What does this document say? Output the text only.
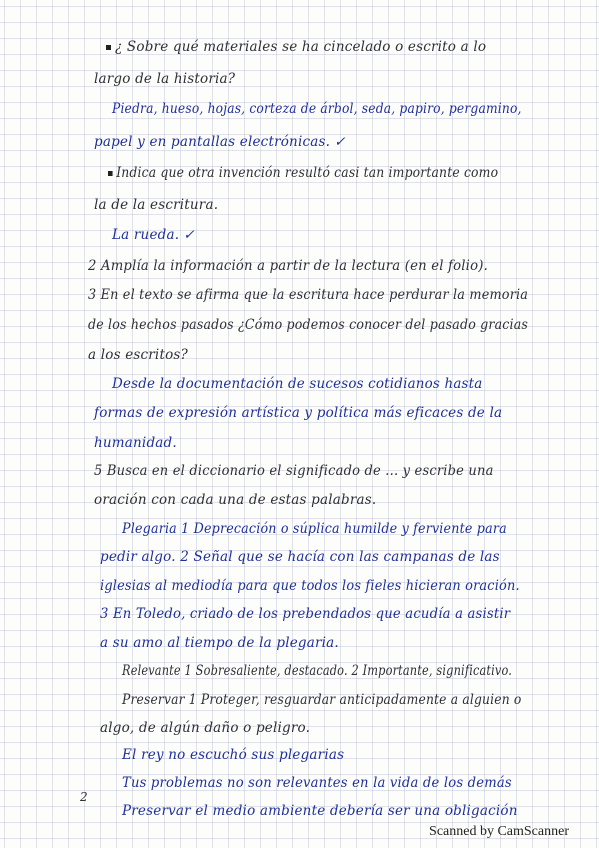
¿ Sobre qué materiales se ha cincelado o escrito a lo
largo de la historia?
Piedra, hueso, hojas, corteza de árbol, seda, papiro, pergamino,
papel y en pantallas electrónicas. ✓
Indica que otra invención resultó casi tan importante como
la de la escritura.
La rueda. ✓
2 Amplía la información a partir de la lectura (en el folio).
3 En el texto se afirma que la escritura hace perdurar la memoria
de los hechos pasados ¿Cómo podemos conocer del pasado gracias
a los escritos?
Desde la documentación de sucesos cotidianos hasta
formas de expresión artística y política más eficaces de la
humanidad.
5 Busca en el diccionario el significado de ... y escribe una
oración con cada una de estas palabras.
Plegaria 1 Deprecación o súplica humilde y ferviente para
pedir algo. 2 Señal que se hacía con las campanas de las
iglesias al mediodía para que todos los fieles hicieran oración.
3 En Toledo, criado de los prebendados que acudía a asistir
a su amo al tiempo de la plegaria.
Relevante 1 Sobresaliente, destacado. 2 Importante, significativo.
Preservar 1 Proteger, resguardar anticipadamente a alguien o
algo, de algún daño o peligro.
El rey no escuchó sus plegarias
Tus problemas no son relevantes en la vida de los demás
Preservar el medio ambiente debería ser una obligación
2
Scanned by CamScanner
